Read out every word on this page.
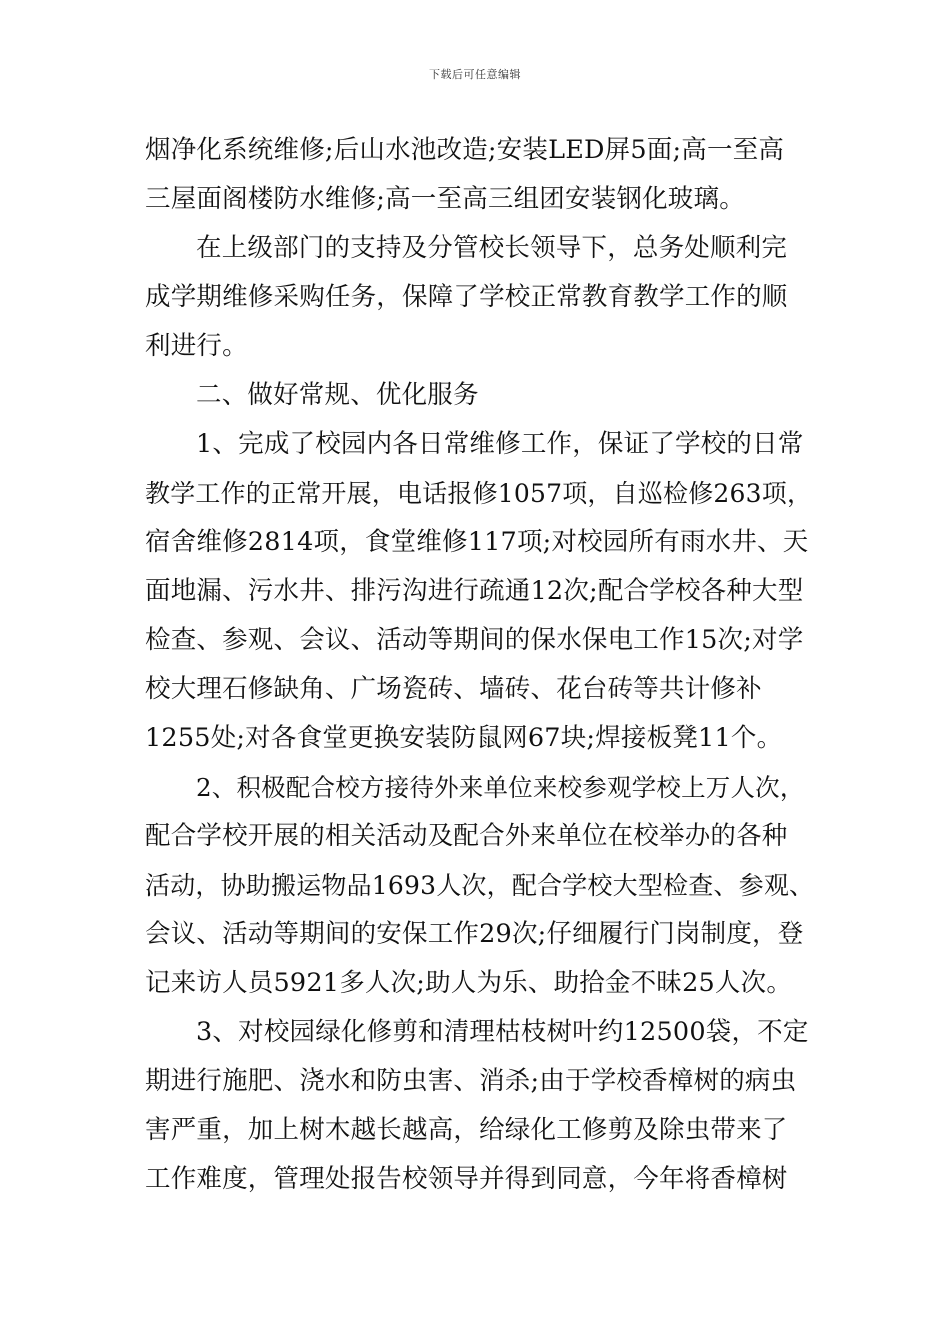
下载后可任意编辑
烟净化系统维修;后山水池改造;安装LED屏5面;高一至高
三屋面阁楼防水维修;高一至高三组团安装钢化玻璃。
在上级部门的支持及分管校长领导下，总务处顺利完
成学期维修采购任务，保障了学校正常教育教学工作的顺
利进行。
二、做好常规、优化服务
1、完成了校园内各日常维修工作，保证了学校的日常
教学工作的正常开展，电话报修1057项，自巡检修263项，
宿舍维修2814项，食堂维修117项;对校园所有雨水井、天
面地漏、污水井、排污沟进行疏通12次;配合学校各种大型
检查、参观、会议、活动等期间的保水保电工作15次;对学
校大理石修缺角、广场瓷砖、墙砖、花台砖等共计修补
1255处;对各食堂更换安装防鼠网67块;焊接板凳11个。
2、积极配合校方接待外来单位来校参观学校上万人次，
配合学校开展的相关活动及配合外来单位在校举办的各种
活动，协助搬运物品1693人次，配合学校大型检查、参观、
会议、活动等期间的安保工作29次;仔细履行门岗制度，登
记来访人员5921多人次;助人为乐、助拾金不昧25人次。
3、对校园绿化修剪和清理枯枝树叶约12500袋，不定
期进行施肥、浇水和防虫害、消杀;由于学校香樟树的病虫
害严重，加上树木越长越高，给绿化工修剪及除虫带来了
工作难度，管理处报告校领导并得到同意，今年将香樟树
